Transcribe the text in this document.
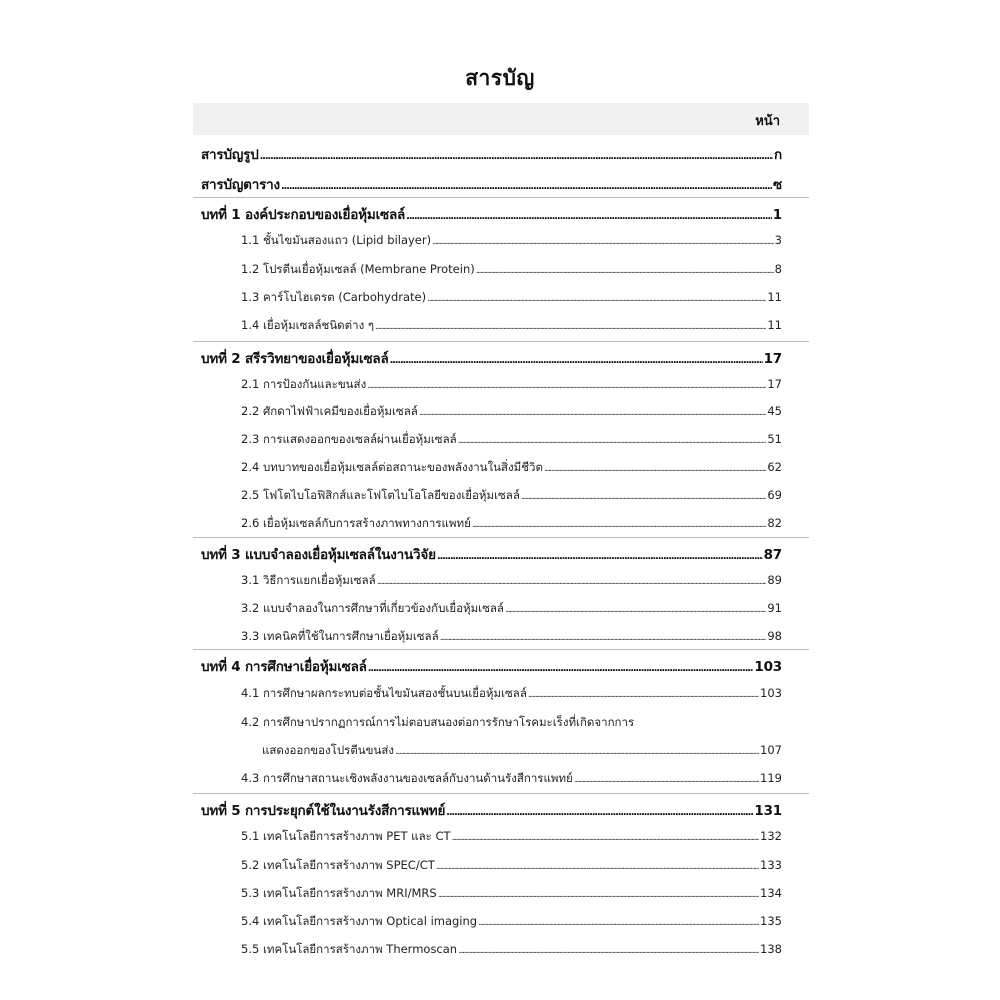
สารบัญ
หน้า
สารบัญรูป .....	ก
สารบัญตาราง .....	ซ
บทที่ 1 องค์ประกอบของเยื่อหุ้มเซลล์ .....	1
1.1 ชั้นไขมันสองแถว (Lipid bilayer) .....	3
1.2 โปรตีนเยื่อหุ้มเซลล์ (Membrane Protein) .....	8
1.3 คาร์โบไฮเดรต (Carbohydrate) .....	11
1.4 เยื่อหุ้มเซลล์ชนิดต่าง ๆ .....	11
บทที่ 2 สรีรวิทยาของเยื่อหุ้มเซลล์ .....	17
2.1 การป้องกันและขนส่ง .....	17
2.2 ศักดาไฟฟ้าเคมีของเยื่อหุ้มเซลล์ .....	45
2.3 การแสดงออกของเซลล์ผ่านเยื่อหุ้มเซลล์ .....	51
2.4 บทบาทของเยื่อหุ้มเซลล์ต่อสถานะของพลังงานในสิ่งมีชีวิต .....	62
2.5 โฟโตไบโอฟิสิกส์และโฟโตไบโอโลยีของเยื่อหุ้มเซลล์ .....	69
2.6 เยื่อหุ้มเซลล์กับการสร้างภาพทางการแพทย์ .....	82
บทที่ 3 แบบจำลองเยื่อหุ้มเซลล์ในงานวิจัย .....	87
3.1 วิธีการแยกเยื่อหุ้มเซลล์ .....	89
3.2 แบบจำลองในการศึกษาที่เกี่ยวข้องกับเยื่อหุ้มเซลล์ .....	91
3.3 เทคนิคที่ใช้ในการศึกษาเยื่อหุ้มเซลล์ .....	98
บทที่ 4 การศึกษาเยื่อหุ้มเซลล์ .....	103
4.1 การศึกษาผลกระทบต่อชั้นไขมันสองชั้นบนเยื่อหุ้มเซลล์ .....	103
4.2 การศึกษาปรากฏการณ์การไม่ตอบสนองต่อการรักษาโรคมะเร็งที่เกิดจากการ
แสดงออกของโปรตีนขนส่ง .....	107
4.3 การศึกษาสถานะเชิงพลังงานของเซลล์กับงานด้านรังสีการแพทย์ .....	119
บทที่ 5 การประยุกต์ใช้ในงานรังสีการแพทย์ .....	131
5.1 เทคโนโลยีการสร้างภาพ PET และ CT .....	132
5.2 เทคโนโลยีการสร้างภาพ SPEC/CT .....	133
5.3 เทคโนโลยีการสร้างภาพ MRI/MRS .....	134
5.4 เทคโนโลยีการสร้างภาพ Optical imaging .....	135
5.5 เทคโนโลยีการสร้างภาพ Thermoscan .....	138
